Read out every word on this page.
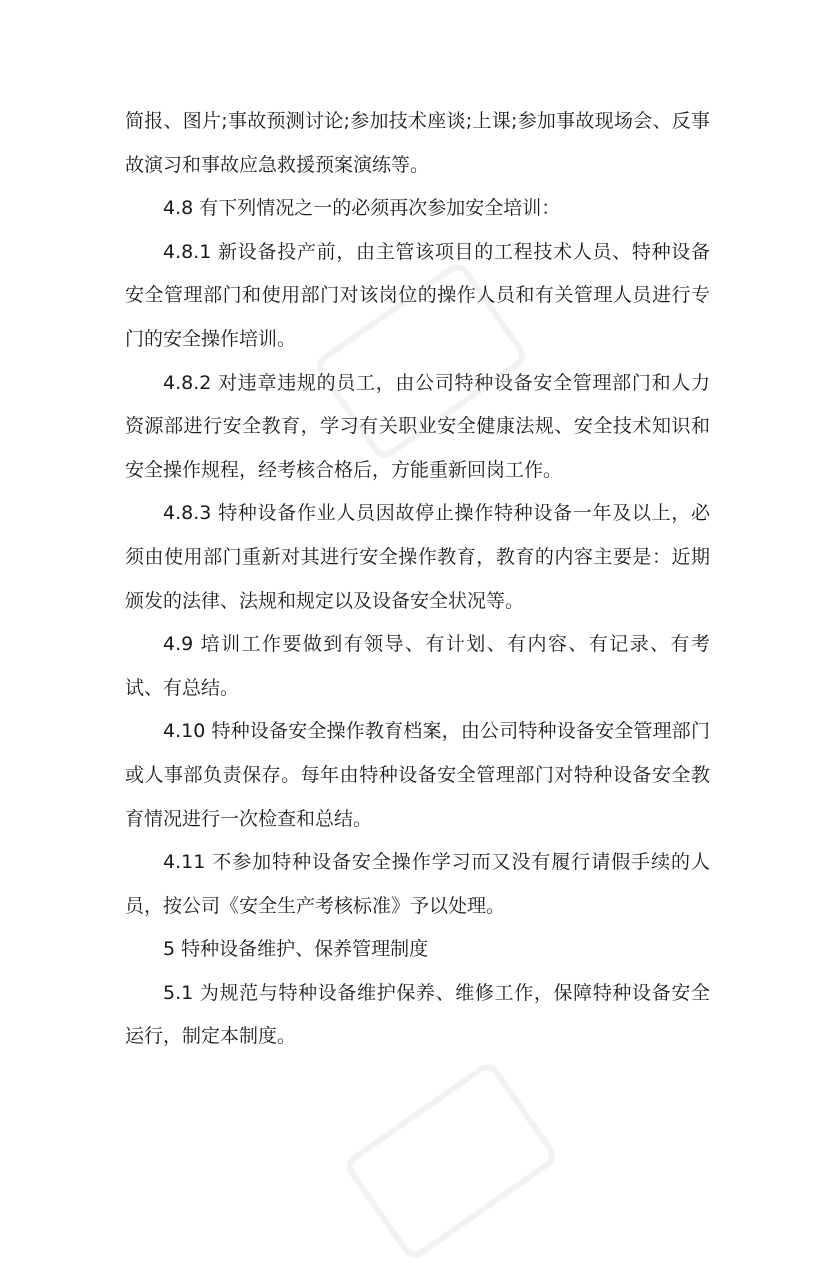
简报、图片;事故预测讨论;参加技术座谈;上课;参加事故现场会、反事故演习和事故应急救援预案演练等。

4.8 有下列情况之一的必须再次参加安全培训：

4.8.1 新设备投产前，由主管该项目的工程技术人员、特种设备安全管理部门和使用部门对该岗位的操作人员和有关管理人员进行专门的安全操作培训。

4.8.2 对违章违规的员工，由公司特种设备安全管理部门和人力资源部进行安全教育，学习有关职业安全健康法规、安全技术知识和安全操作规程，经考核合格后，方能重新回岗工作。

4.8.3 特种设备作业人员因故停止操作特种设备一年及以上，必须由使用部门重新对其进行安全操作教育，教育的内容主要是：近期颁发的法律、法规和规定以及设备安全状况等。

4.9 培训工作要做到有领导、有计划、有内容、有记录、有考试、有总结。

4.10 特种设备安全操作教育档案，由公司特种设备安全管理部门或人事部负责保存。每年由特种设备安全管理部门对特种设备安全教育情况进行一次检查和总结。

4.11 不参加特种设备安全操作学习而又没有履行请假手续的人员，按公司《安全生产考核标准》予以处理。

5 特种设备维护、保养管理制度

5.1 为规范与特种设备维护保养、维修工作，保障特种设备安全运行，制定本制度。
